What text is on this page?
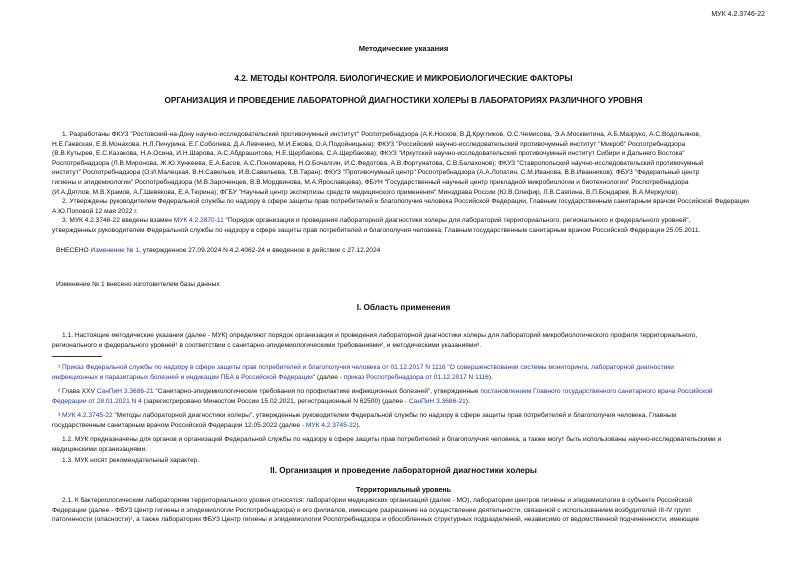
МУК 4.2.3746-22
Методические указания
4.2. МЕТОДЫ КОНТРОЛЯ. БИОЛОГИЧЕСКИЕ И МИКРОБИОЛОГИЧЕСКИЕ ФАКТОРЫ
ОРГАНИЗАЦИЯ И ПРОВЕДЕНИЕ ЛАБОРАТОРНОЙ ДИАГНОСТИКИ ХОЛЕРЫ В ЛАБОРАТОРИЯХ РАЗЛИЧНОГО УРОВНЯ
1. Разработаны ФКУЗ "Ростовский-на-Дону научно-исследовательский противочумный институт" Роспотребнадзора (А.К.Носков, В.Д.Кругликов, О.С.Чемисова, Э.А.Москвитина, А.Б.Мазруко, А.С.Водопьянов,
Н.Е.Гаевская, Е.В.Монахова, Н.Л.Пичурина, Е.Г.Соболева, Д.А.Левченко, М.И.Ежова, О.А.Подойницына); ФКУЗ "Российский научно-исследовательский противочумный институт "Микроб" Роспотребнадзора
(В.В.Кутырев, Е.С.Казакова, Н.А.Осина, И.Н.Шарова, А.С.Абдрашитова, Н.Е.Щербакова, С.А.Щербакова); ФКУЗ "Иркутский научно-исследовательский противочумный институт Сибири и Дальнего Востока"
Роспотребнадзора (Л.В.Миронова, Ж.Ю.Хункеева, Е.А.Басов, А.С.Пономарева, Н.О.Бочалгин, И.С.Федотова, А.В.Фортунатова, С.В.Балахонов); ФКУЗ "Ставропольский научно-исследовательский противочумный
институт" Роспотребнадзора (О.И.Малецкая, В.Н.Савельев, И.В.Савельева, Т.В.Таран); ФКУЗ "Противочумный центр" Роспотребнадзора (А.А.Лопатин, С.М.Иванова, В.В.Иванников); ФБУЗ "Федеральный центр
гигиены и эпидемиологии" Роспотребнадзора (М.В.Зароченцев, В.В.Мордвинова, М.А.Ярославцева); ФБУН "Государственный научный центр прикладной микробиологии и биотехнологии" Роспотребнадзора
(И.А.Дятлов, М.В.Храмов, А.Г.Шевякова, Е.А.Тюрина); ФГБУ "Научный центр экспертизы средств медицинского применения" Минздрава России (Ю.В.Олефир, Л.В.Саяпина, В.П.Бондарев, В.А.Меркулов).
2. Утверждены руководителем Федеральной службы по надзору в сфере защиты прав потребителей и благополучия человека Российской Федерации, Главным государственным санитарным врачом Российской Федерации
А.Ю.Поповой 12 мая 2022 г.
3. МУК 4.2.3746-22 введены взамен МУК 4.2.2870-11 "Порядок организации и проведения лабораторной диагностики холеры для лабораторий территориального, регионального и федерального уровней",
утвержденных руководителем Федеральной службы по надзору в сфере защиты прав потребителей и благополучия человека, Главным государственным санитарным врачом Российской Федерации 25.05.2011.
ВНЕСЕНО Изменение № 1, утвержденное 27.09.2024 N 4.2.4062-24 и введенное в действие с 27.12.2024
Изменение № 1 внесено изготовителем базы данных
I. Область применения
1.1. Настоящие методические указания (далее - МУК) определяют порядок организации и проведения лабораторной диагностики холеры для лабораторий микробиологического профиля территориального,
регионального и федерального уровней¹ в соответствии с санитарно-эпидемиологическими требованиями², и методическими указаниями³.
¹ Приказ Федеральной службы по надзору в сфере защиты прав потребителей и благополучия человека от 01.12.2017 N 1116 "О совершенствовании системы мониторинга, лабораторной диагностики
инфекционных и паразитарных болезней и индикации ПБА в Российской Федерации" (далее - приказ Роспотребнадзора от 01.12.2017 N 1116).
² Глава XXV СанПиН 3.3686-21 "Санитарно-эпидемиологические требования по профилактике инфекционных болезней", утвержденные постановлением Главного государственного санитарного врача Российской
Федерации от 28.01.2021 N 4 (зарегистрировано Минюстом России 15.02.2021, регистрационный N 62500) (далее - СанПиН 3.3686-21).
³ МУК 4.2.3745-22 "Методы лабораторной диагностики холеры", утвержденные руководителем Федеральной службы по надзору в сфере защиты прав потребителей и благополучия человека, Главным
государственным санитарным врачом Российской Федерации 12.05.2022 (далее - МУК 4.2.3745-22).
1.2. МУК предназначены для органов и организаций Федеральной службы по надзору в сфере защиты прав потребителей и благополучия человека, а также могут быть использованы научно-исследовательскими и
медицинскими организациями.
1.3. МУК носят рекомендательный характер.
II. Организация и проведение лабораторной диагностики холеры
Территориальный уровень
2.1. К бактериологическим лабораториям территориального уровня относятся: лаборатории медицинских организаций (далее - МО), лаборатории центров гигиены и эпидемиологии в субъекте Российской
Федерации (далее - ФБУЗ Центр гигиены и эпидемиологии Роспотребнадзора) и его филиалов, имеющие разрешение на осуществление деятельности, связанной с использованием возбудителей III-IV групп
патогенности (опасности)¹, а также лаборатории ФБУЗ Центр гигиены и эпидемиологии Роспотребнадзора и обособленных структурных подразделений, независимо от ведомственной подчиненности, имеющие
